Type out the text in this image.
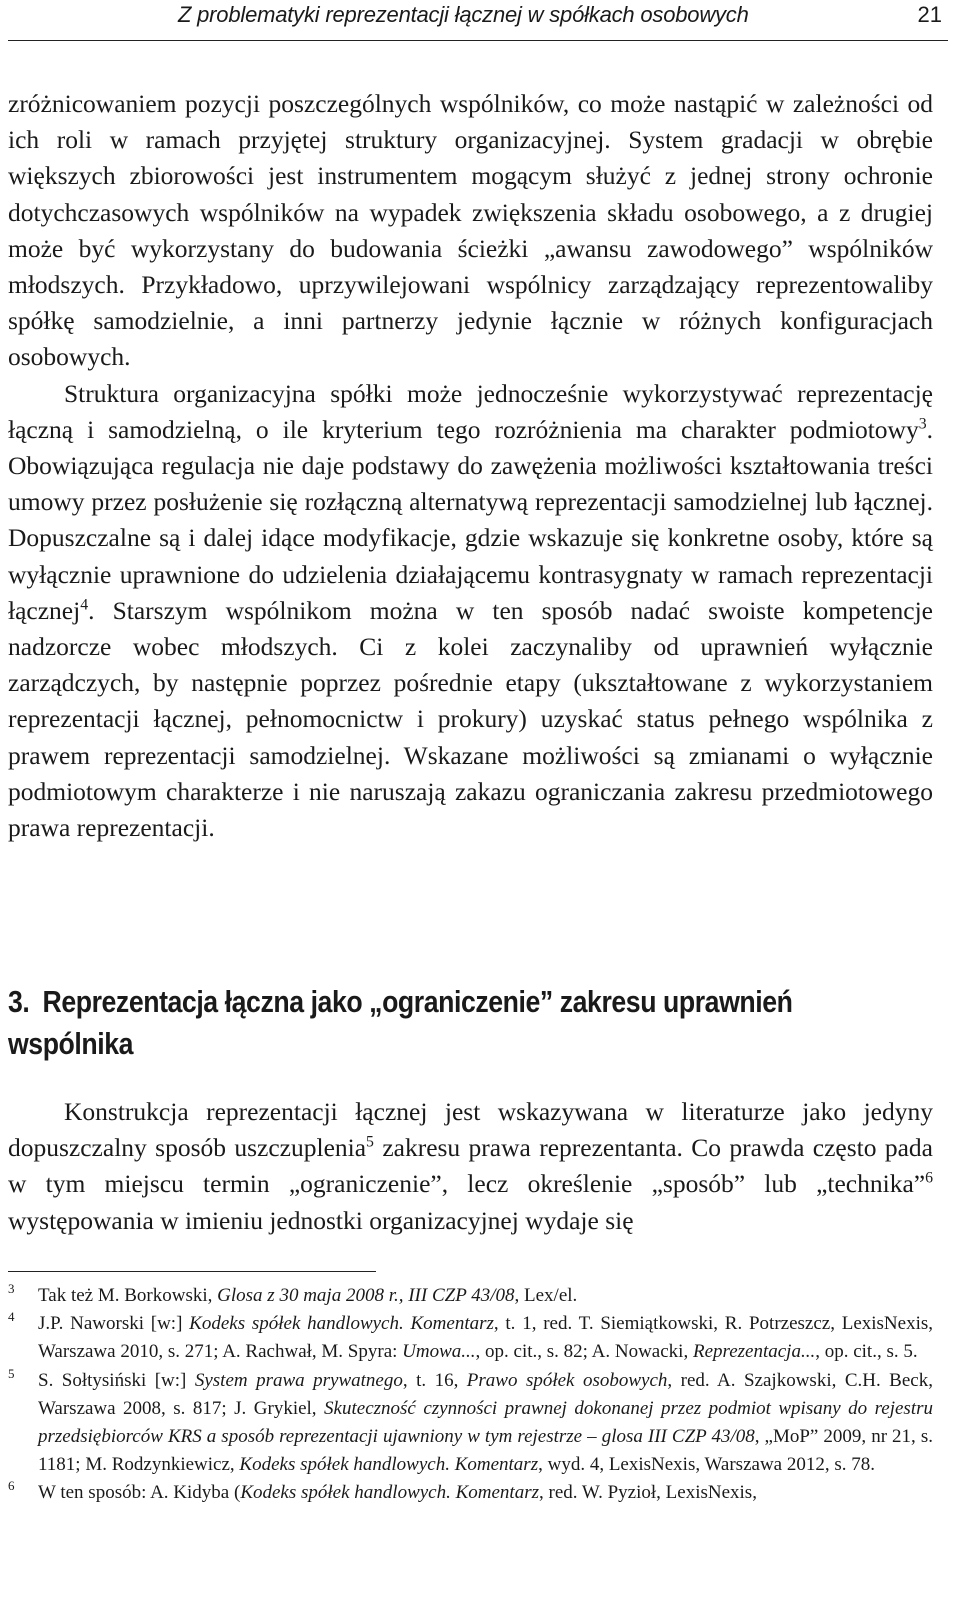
Z problematyki reprezentacji łącznej w spółkach osobowych	21

zróżnicowaniem pozycji poszczególnych wspólników, co może nastąpić w zależności od ich roli w ramach przyjętej struktury organizacyjnej. System gradacji w obrębie większych zbiorowości jest instrumentem mogącym służyć z jednej strony ochronie dotychczasowych wspólników na wypadek zwiększenia składu osobowego, a z drugiej może być wykorzystany do budowania ścieżki „awansu zawodowego” wspólników młodszych. Przykładowo, uprzywilejowani wspólnicy zarządzający reprezentowaliby spółkę samodzielnie, a inni partnerzy jedynie łącznie w różnych konfiguracjach osobowych.

Struktura organizacyjna spółki może jednocześnie wykorzystywać reprezentację łączną i samodzielną, o ile kryterium tego rozróżnienia ma charakter podmiotowy$^3$. Obowiązująca regulacja nie daje podstawy do zawężenia możliwości kształtowania treści umowy przez posłużenie się rozłączną alternatywą reprezentacji samodzielnej lub łącznej. Dopuszczalne są i dalej idące modyfikacje, gdzie wskazuje się konkretne osoby, które są wyłącznie uprawnione do udzielenia działającemu kontrasygnaty w ramach reprezentacji łącznej$^4$. Starszym wspólnikom można w ten sposób nadać swoiste kompetencje nadzorcze wobec młodszych. Ci z kolei zaczynaliby od uprawnień wyłącznie zarządczych, by następnie poprzez pośrednie etapy (ukształtowane z wykorzystaniem reprezentacji łącznej, pełnomocnictw i prokury) uzyskać status pełnego wspólnika z prawem reprezentacji samodzielnej. Wskazane możliwości są zmianami o wyłącznie podmiotowym charakterze i nie naruszają zakazu ograniczania zakresu przedmiotowego prawa reprezentacji.

3. Reprezentacja łączna jako „ograniczenie” zakresu uprawnień wspólnika

Konstrukcja reprezentacji łącznej jest wskazywana w literaturze jako jedyny dopuszczalny sposób uszczuplenia$^5$ zakresu prawa reprezentanta. Co prawda często pada w tym miejscu termin „ograniczenie”, lecz określenie „sposób” lub „technika”$^6$ występowania w imieniu jednostki organizacyjnej wydaje się

3 Tak też M. Borkowski, Glosa z 30 maja 2008 r., III CZP 43/08, Lex/el.
4 J.P. Naworski [w:] Kodeks spółek handlowych. Komentarz, t. 1, red. T. Siemiątkowski, R. Potrzeszcz, LexisNexis, Warszawa 2010, s. 271; A. Rachwał, M. Spyra: Umowa..., op. cit., s. 82; A. Nowacki, Reprezentacja..., op. cit., s. 5.
5 S. Sołtysiński [w:] System prawa prywatnego, t. 16, Prawo spółek osobowych, red. A. Szajkowski, C.H. Beck, Warszawa 2008, s. 817; J. Grykiel, Skuteczność czynności prawnej dokonanej przez podmiot wpisany do rejestru przedsiębiorców KRS a sposób reprezentacji ujawniony w tym rejestrze – glosa III CZP 43/08, „MoP” 2009, nr 21, s. 1181; M. Rodzynkiewicz, Kodeks spółek handlowych. Komentarz, wyd. 4, LexisNexis, Warszawa 2012, s. 78.
6 W ten sposób: A. Kidyba (Kodeks spółek handlowych. Komentarz, red. W. Pyzioł, LexisNexis,
